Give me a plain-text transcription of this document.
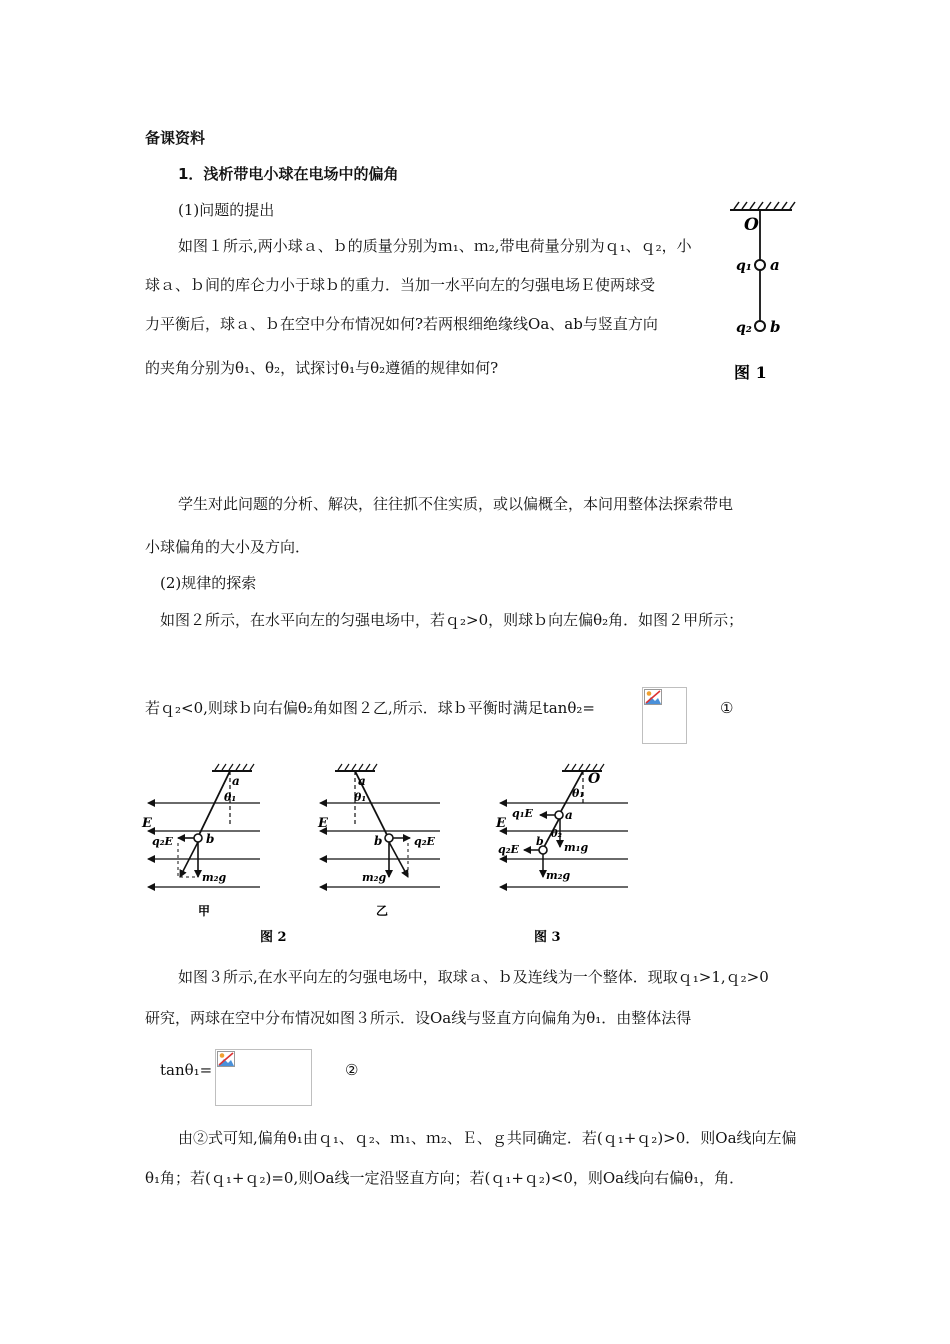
备课资料
1．浅析带电小球在电场中的偏角
(1)问题的提出
如图１所示,两小球ａ、ｂ的质量分别为ｍ₁、ｍ₂,带电荷量分别为ｑ₁、ｑ₂，小
球ａ、ｂ间的库仑力小于球ｂ的重力．当加一水平向左的匀强电场Ｅ使两球受
力平衡后，球ａ、ｂ在空中分布情况如何?若两根细绝缘线Oa、ab与竖直方向
的夹角分别为θ₁、θ₂，试探讨θ₁与θ₂遵循的规律如何?
O
q₁ a
q₂ b
图 1
学生对此问题的分析、解决，往往抓不住实质，或以偏概全，本问用整体法探索带电
小球偏角的大小及方向．
(2)规律的探索
如图２所示，在水平向左的匀强电场中，若ｑ₂>0，则球ｂ向左偏θ₂角．如图２甲所示；
若ｑ₂<0,则球ｂ向右偏θ₂角如图２乙,所示．球ｂ平衡时满足tanθ₂=	①
a
θ₁
E
q₂E	b
m₂g
甲
a
θ₁
E
b	q₂E
m₂g
乙
图 2
O
θ₁
q₁E	a
E
b
θ₂
m₁g
q₂E
m₂g
图 3
如图３所示,在水平向左的匀强电场中，取球ａ、ｂ及连线为一个整体．现取ｑ₁>1,ｑ₂>0
研究，两球在空中分布情况如图３所示．设Oa线与竖直方向偏角为θ₁．由整体法得
tanθ₁=	②
由②式可知,偏角θ₁由ｑ₁、ｑ₂、ｍ₁、ｍ₂、Ｅ、ｇ共同确定．若(ｑ₁+ｑ₂)>0．则Oa线向左偏
θ₁角；若(ｑ₁+ｑ₂)=0,则Oa线一定沿竖直方向；若(ｑ₁+ｑ₂)<0，则Oa线向右偏θ₁，角．
